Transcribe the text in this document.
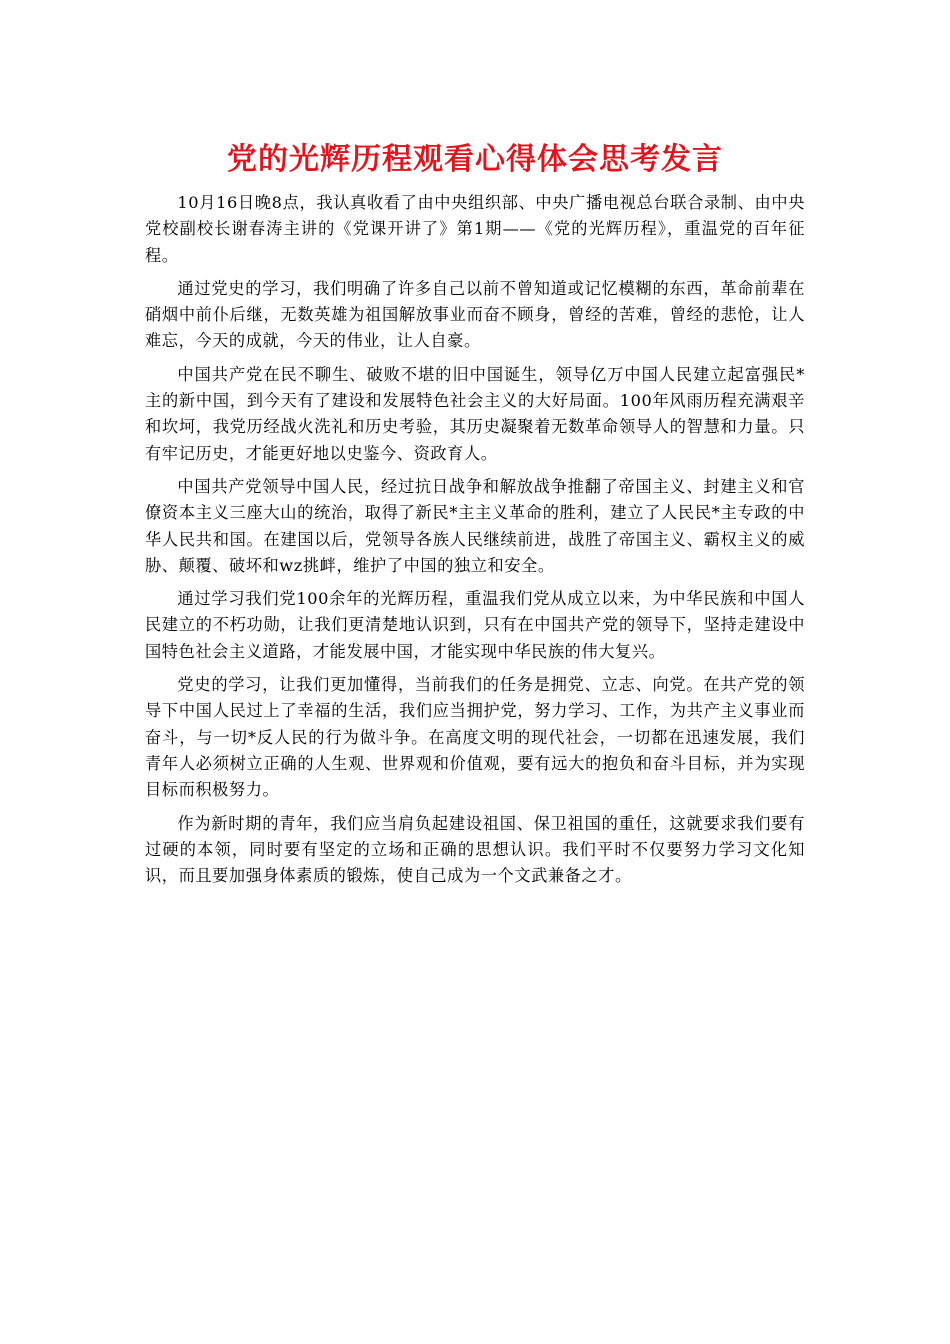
党的光辉历程观看心得体会思考发言

10月16日晚8点，我认真收看了由中央组织部、中央广播电视总台联合录制、由中央党校副校长谢春涛主讲的《党课开讲了》第1期——《党的光辉历程》，重温党的百年征程。

通过党史的学习，我们明确了许多自己以前不曾知道或记忆模糊的东西，革命前辈在硝烟中前仆后继，无数英雄为祖国解放事业而奋不顾身，曾经的苦难，曾经的悲怆，让人难忘，今天的成就，今天的伟业，让人自豪。

中国共产党在民不聊生、破败不堪的旧中国诞生，领导亿万中国人民建立起富强民*主的新中国，到今天有了建设和发展特色社会主义的大好局面。100年风雨历程充满艰辛和坎坷，我党历经战火洗礼和历史考验，其历史凝聚着无数革命领导人的智慧和力量。只有牢记历史，才能更好地以史鉴今、资政育人。

中国共产党领导中国人民，经过抗日战争和解放战争推翻了帝国主义、封建主义和官僚资本主义三座大山的统治，取得了新民*主主义革命的胜利，建立了人民民*主专政的中华人民共和国。在建国以后，党领导各族人民继续前进，战胜了帝国主义、霸权主义的威胁、颠覆、破坏和wz挑衅，维护了中国的独立和安全。

通过学习我们党100余年的光辉历程，重温我们党从成立以来，为中华民族和中国人民建立的不朽功勋，让我们更清楚地认识到，只有在中国共产党的领导下，坚持走建设中国特色社会主义道路，才能发展中国，才能实现中华民族的伟大复兴。

党史的学习，让我们更加懂得，当前我们的任务是拥党、立志、向党。在共产党的领导下中国人民过上了幸福的生活，我们应当拥护党，努力学习、工作，为共产主义事业而奋斗，与一切*反人民的行为做斗争。在高度文明的现代社会，一切都在迅速发展，我们青年人必须树立正确的人生观、世界观和价值观，要有远大的抱负和奋斗目标，并为实现目标而积极努力。

作为新时期的青年，我们应当肩负起建设祖国、保卫祖国的重任，这就要求我们要有过硬的本领，同时要有坚定的立场和正确的思想认识。我们平时不仅要努力学习文化知识，而且要加强身体素质的锻炼，使自己成为一个文武兼备之才。
